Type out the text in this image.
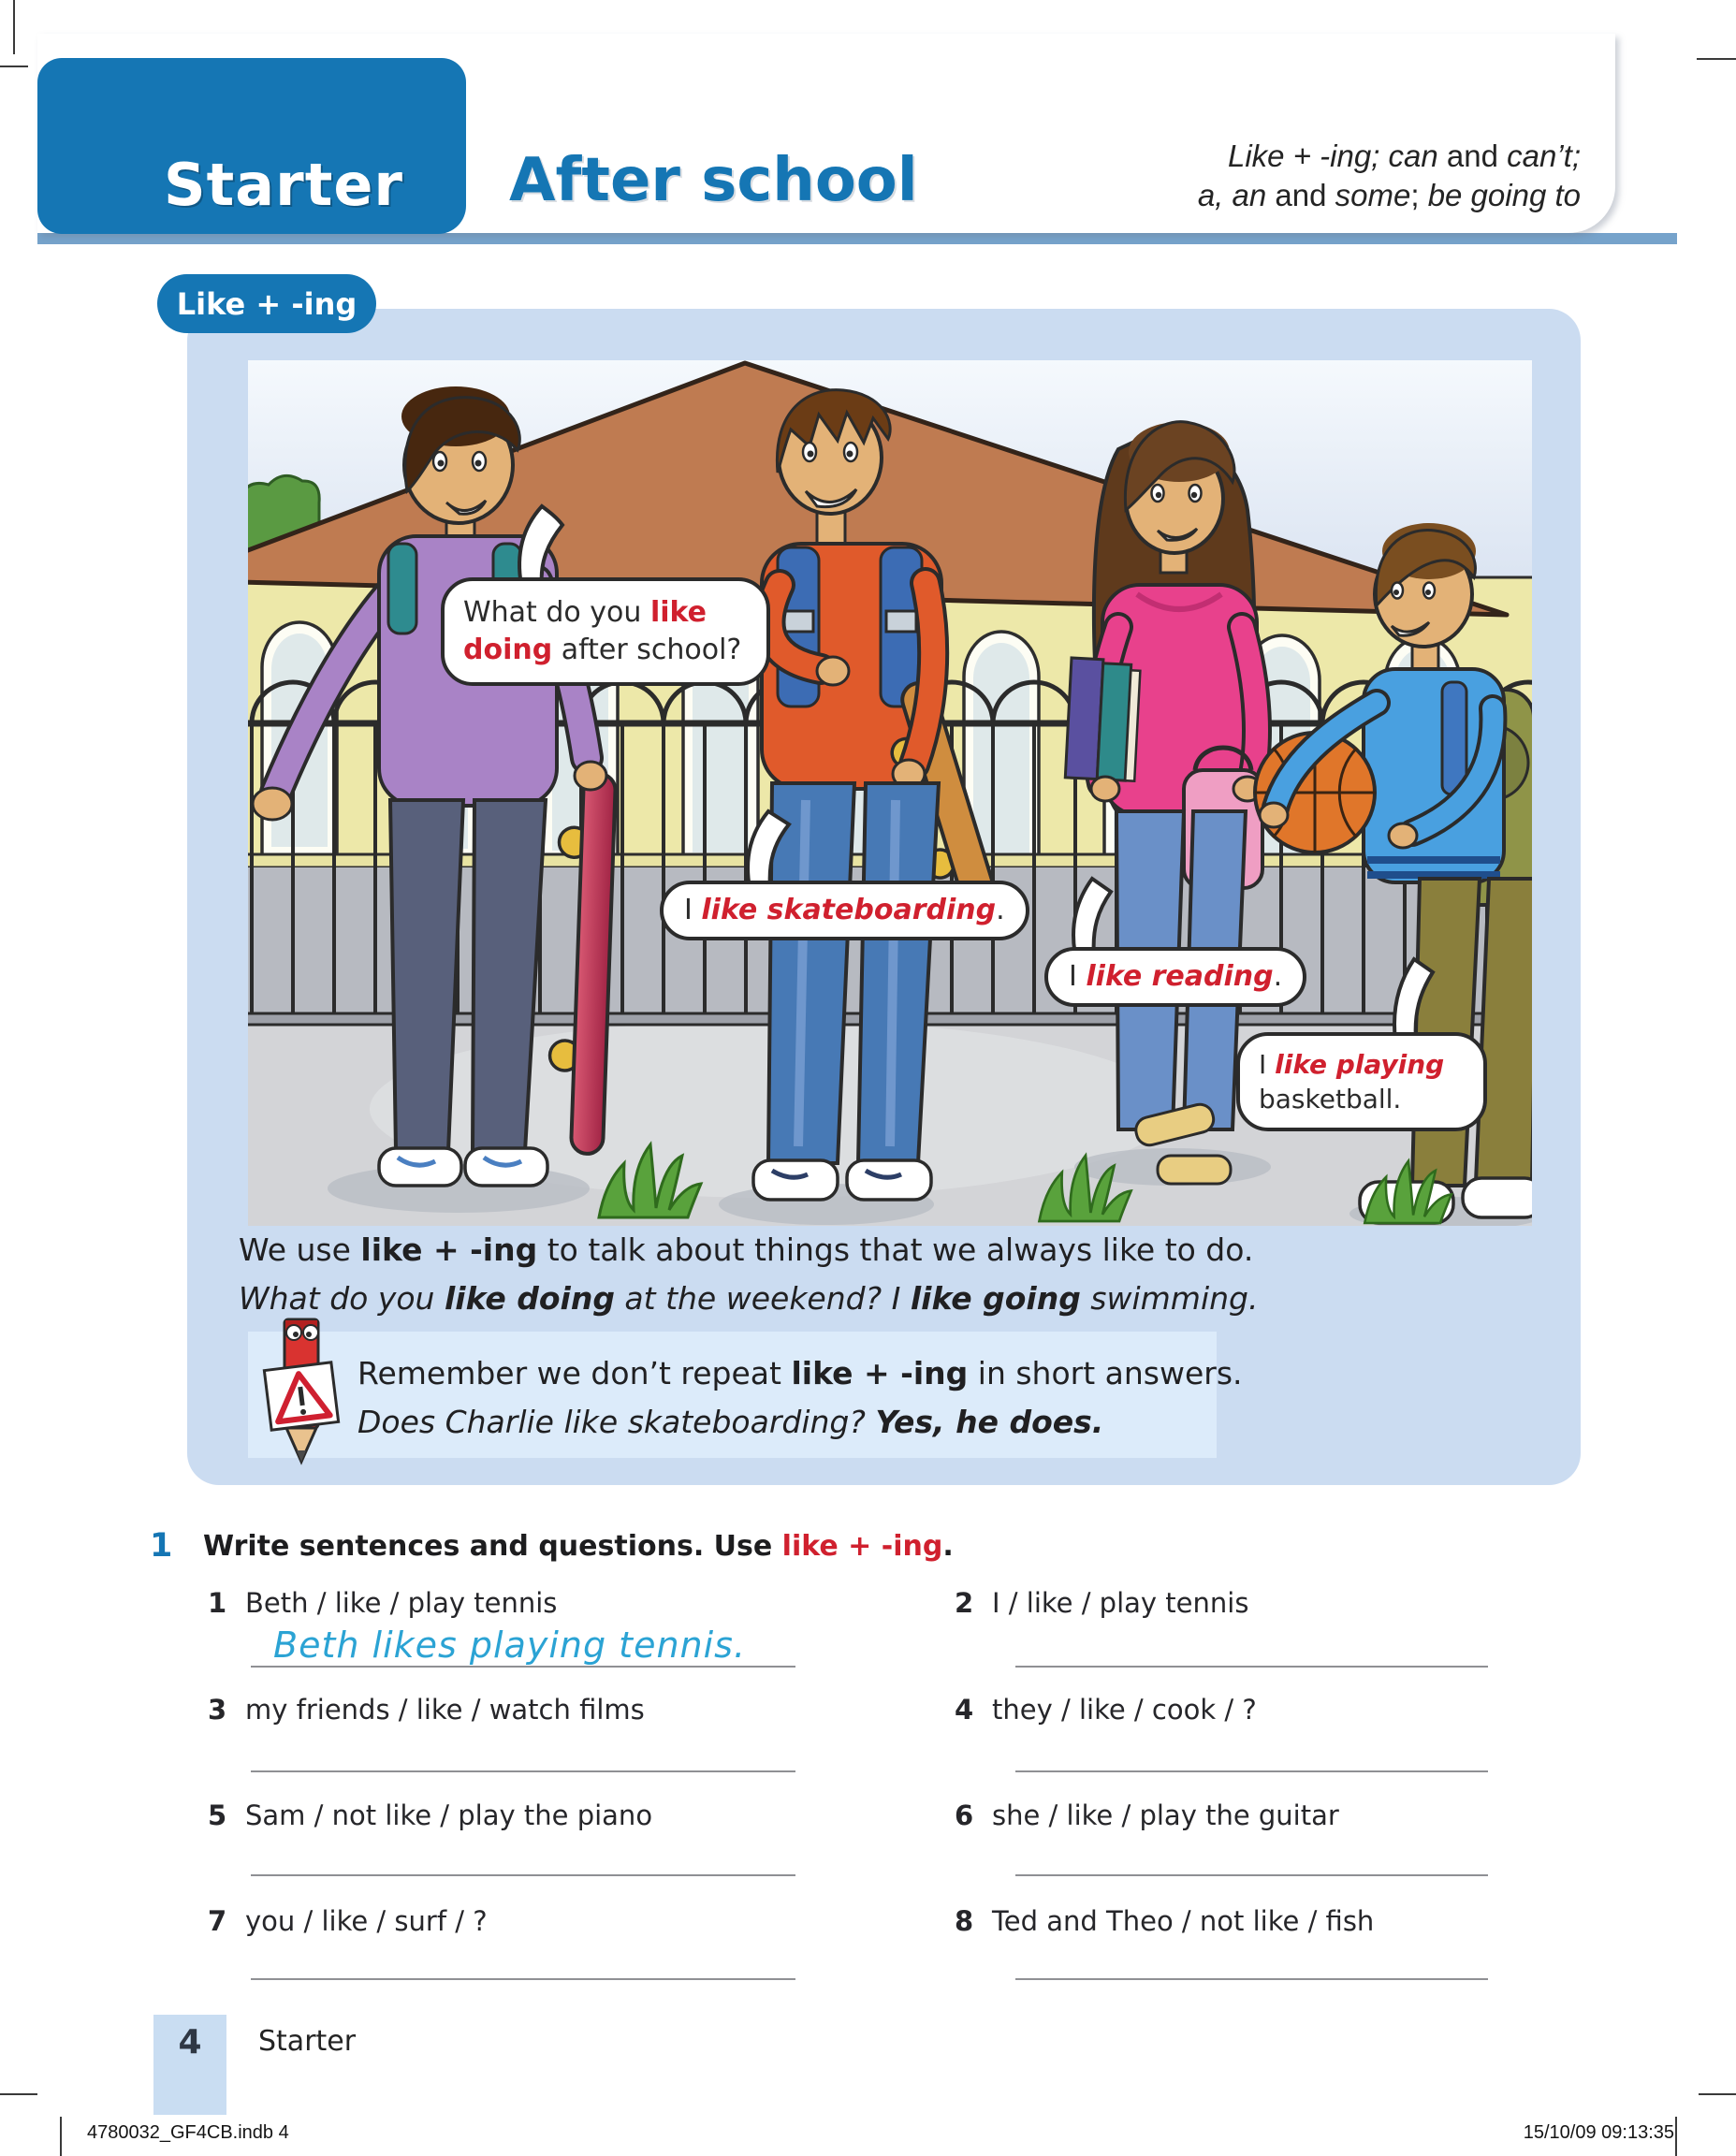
Starter After school	Like + -ing; can and can’t;
a, an and some; be going to
Like + -ing
What do you like
doing after school?
I like skateboarding.
I like reading.
I like playing
basketball.
We use like + -ing to talk about things that we always like to do.
What do you like doing at the weekend? I like going swimming.
Remember we don’t repeat like + -ing in short answers.
Does Charlie like skateboarding? Yes, he does.
1 Write sentences and questions. Use like + -ing.
1 Beth / like / play tennis	2 I / like / play tennis
Beth likes playing tennis.
3 my friends / like / watch films	4 they / like / cook / ?
5 Sam / not like / play the piano	6 she / like / play the guitar
7 you / like / surf / ?	8 Ted and Theo / not like / fish
4	Starter
4780032_GF4CB.indb 4	15/10/09 09:13:35
